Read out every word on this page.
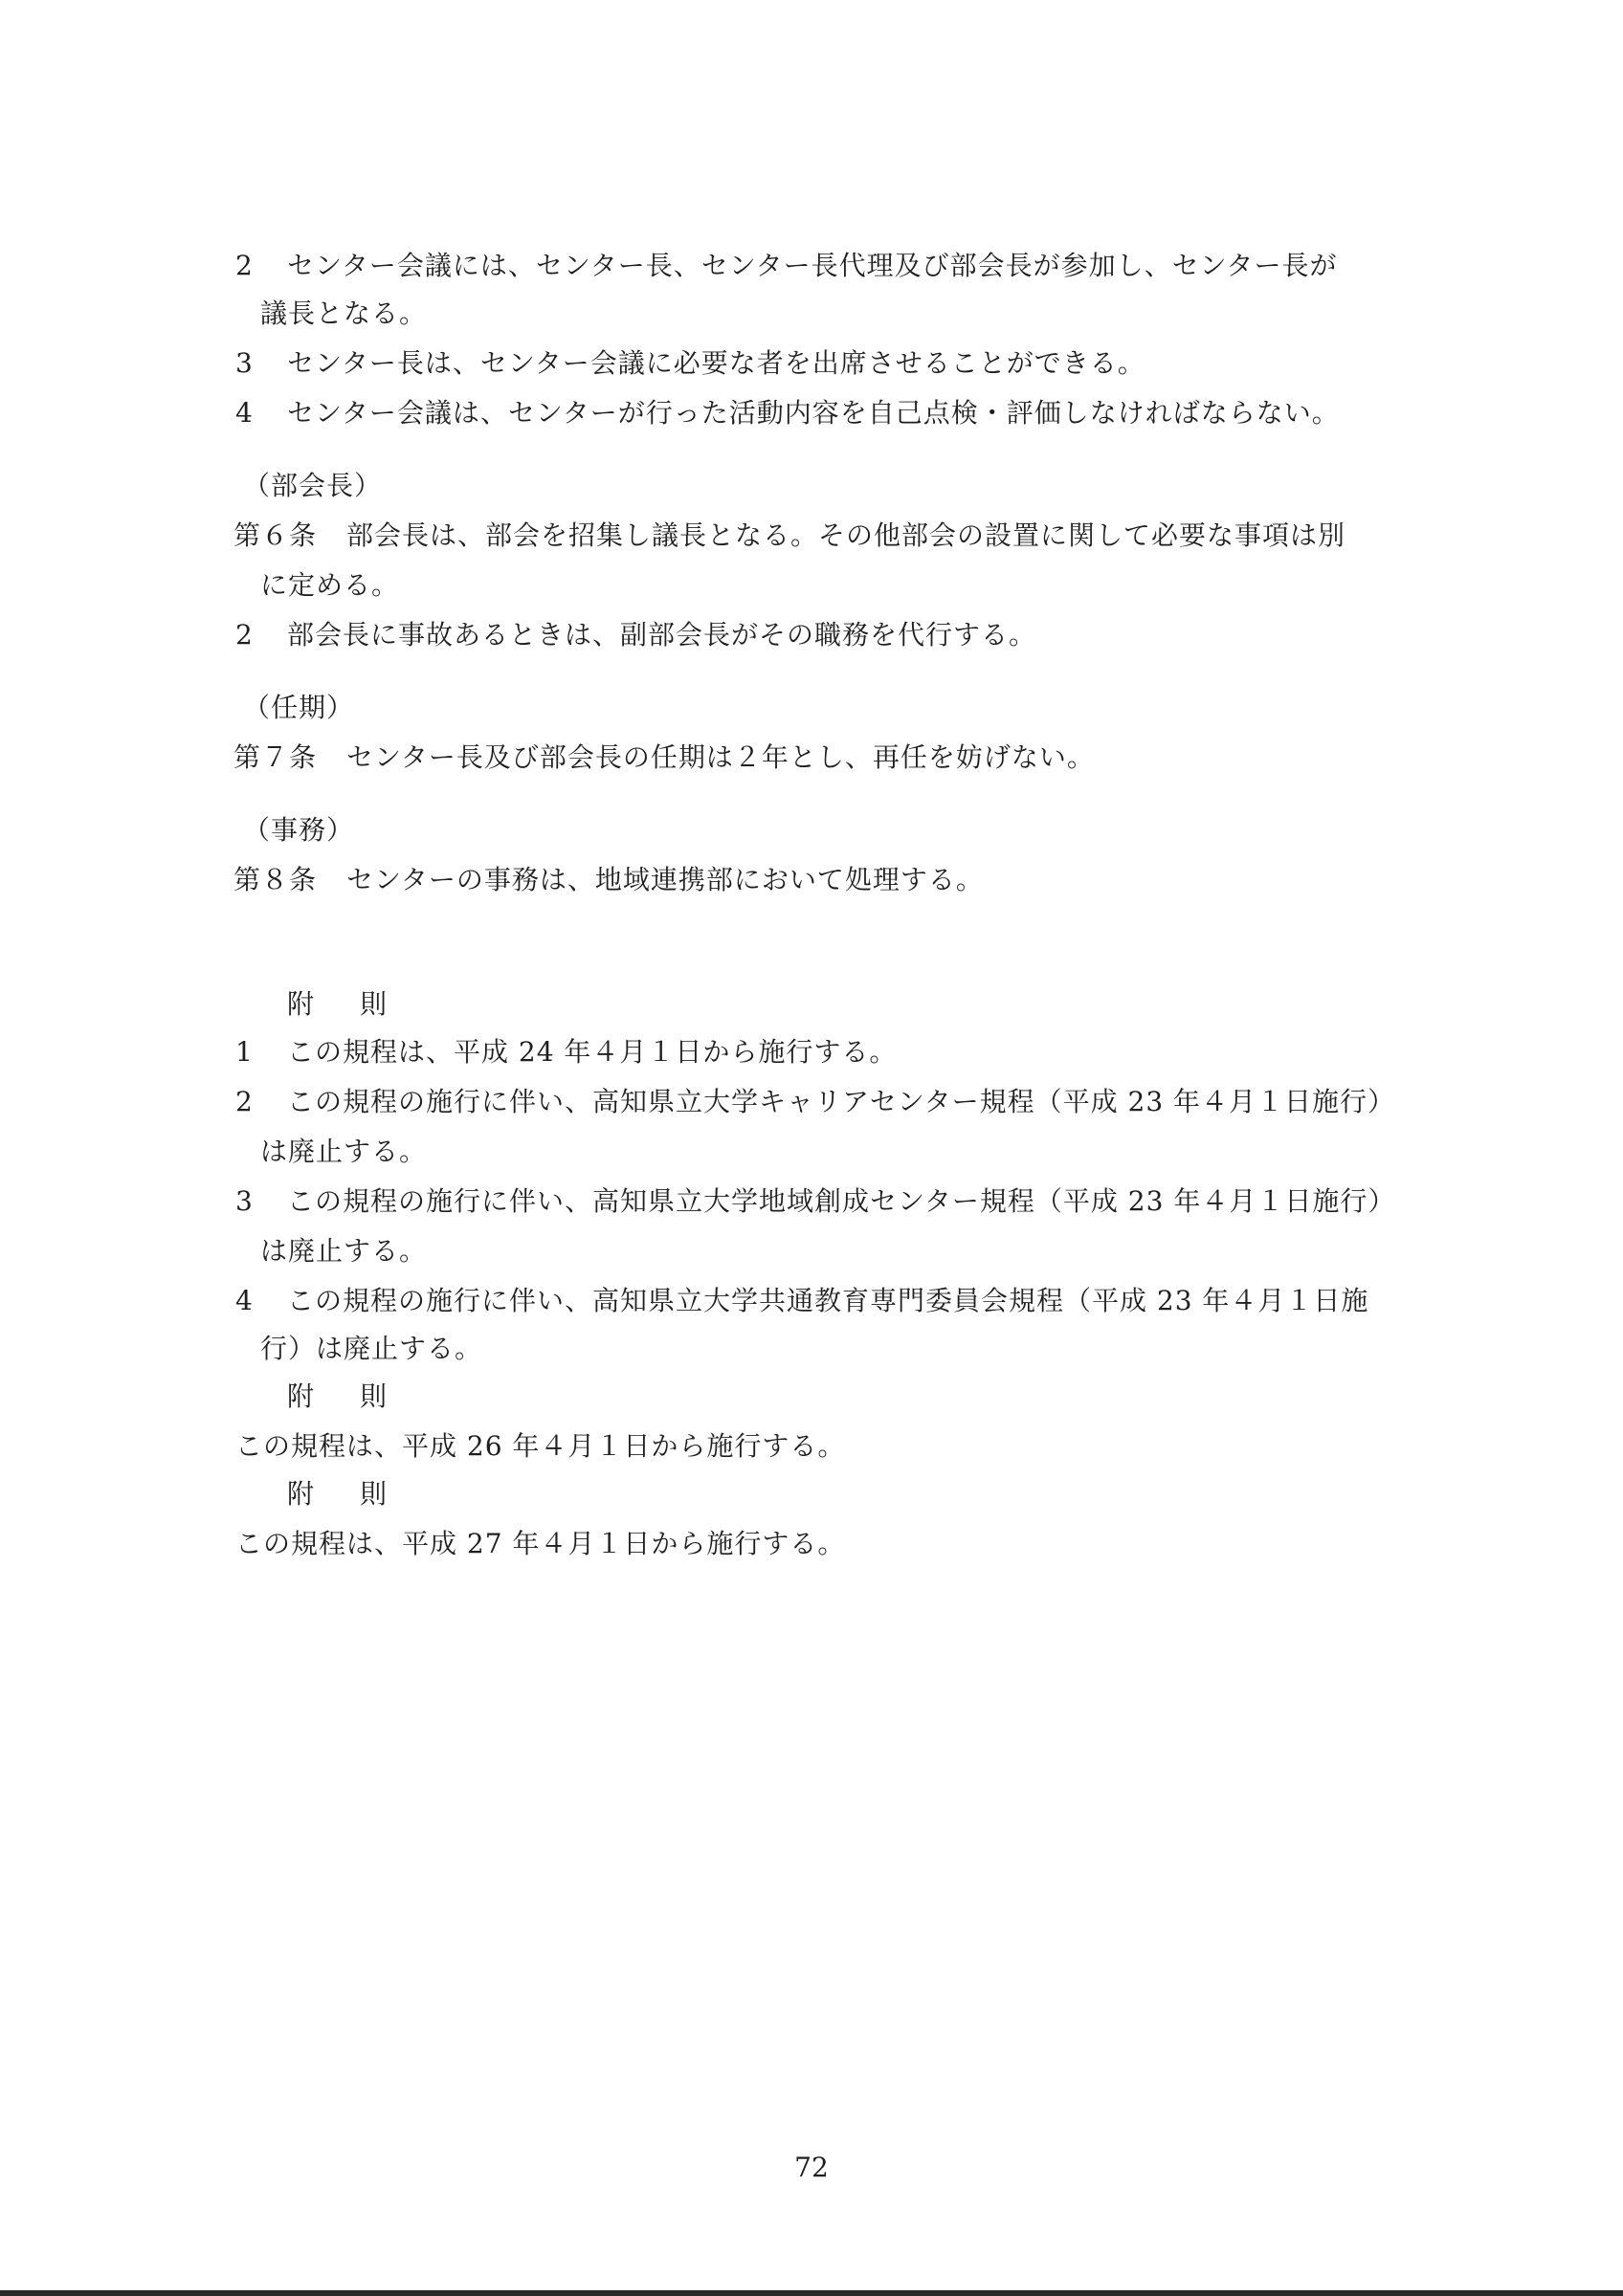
2 センター会議には、センター長、センター長代理及び部会長が参加し、センター長が
議長となる。
3 センター長は、センター会議に必要な者を出席させることができる。
4 センター会議は、センターが行った活動内容を自己点検・評価しなければならない。
（部会長）
第６条 部会長は、部会を招集し議長となる。その他部会の設置に関して必要な事項は別
に定める。
2 部会長に事故あるときは、副部会長がその職務を代行する。
（任期）
第７条 センター長及び部会長の任期は２年とし、再任を妨げない。
（事務）
第８条 センターの事務は、地域連携部において処理する。
附　則
1 この規程は、平成 24 年４月１日から施行する。
2 この規程の施行に伴い、高知県立大学キャリアセンター規程（平成 23 年４月１日施行）
は廃止する。
3 この規程の施行に伴い、高知県立大学地域創成センター規程（平成 23 年４月１日施行）
は廃止する。
4 この規程の施行に伴い、高知県立大学共通教育専門委員会規程（平成 23 年４月１日施
行）は廃止する。
附　則
この規程は、平成 26 年４月１日から施行する。
附　則
この規程は、平成 27 年４月１日から施行する。
72
